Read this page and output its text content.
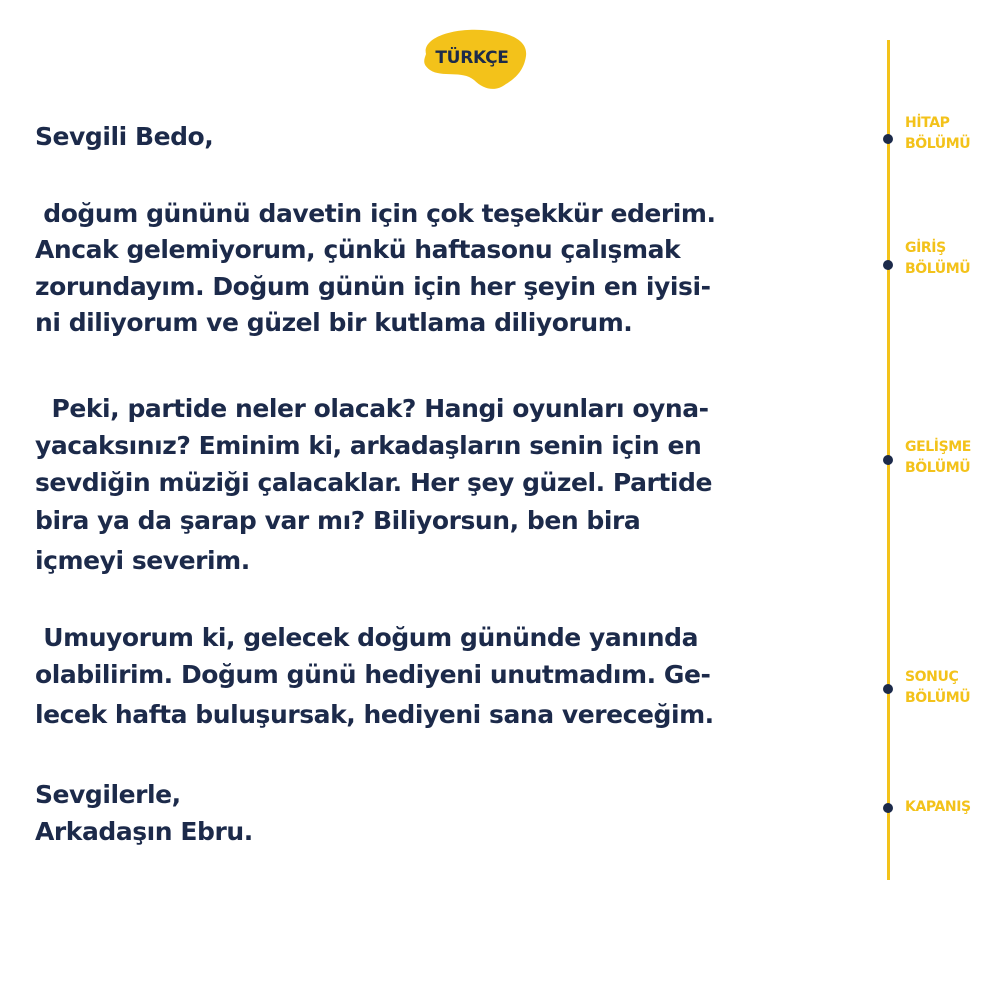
TÜRKÇE

Sevgili Bedo,

doğum gününü davetin için çok teşekkür ederim.

Ancak gelemiyorum, çünkü haftasonu çalışmak

zorundayım. Doğum günün için her şeyin en iyisi-

ni diliyorum ve güzel bir kutlama diliyorum.

Peki, partide neler olacak? Hangi oyunları oyna-

yacaksınız? Eminim ki, arkadaşların senin için en

sevdiğin müziği çalacaklar. Her şey güzel. Partide

bira ya da şarap var mı? Biliyorsun, ben bira

içmeyi severim.

Umuyorum ki, gelecek doğum gününde yanında

olabilirim. Doğum günü hediyeni unutmadım. Ge-

lecek hafta buluşursak, hediyeni sana vereceğim.

Sevgilerle,

Arkadaşın Ebru.

HİTAP
BÖLÜMÜ

GİRİŞ
BÖLÜMÜ

GELİŞME
BÖLÜMÜ

SONUÇ
BÖLÜMÜ

KAPANIŞ
